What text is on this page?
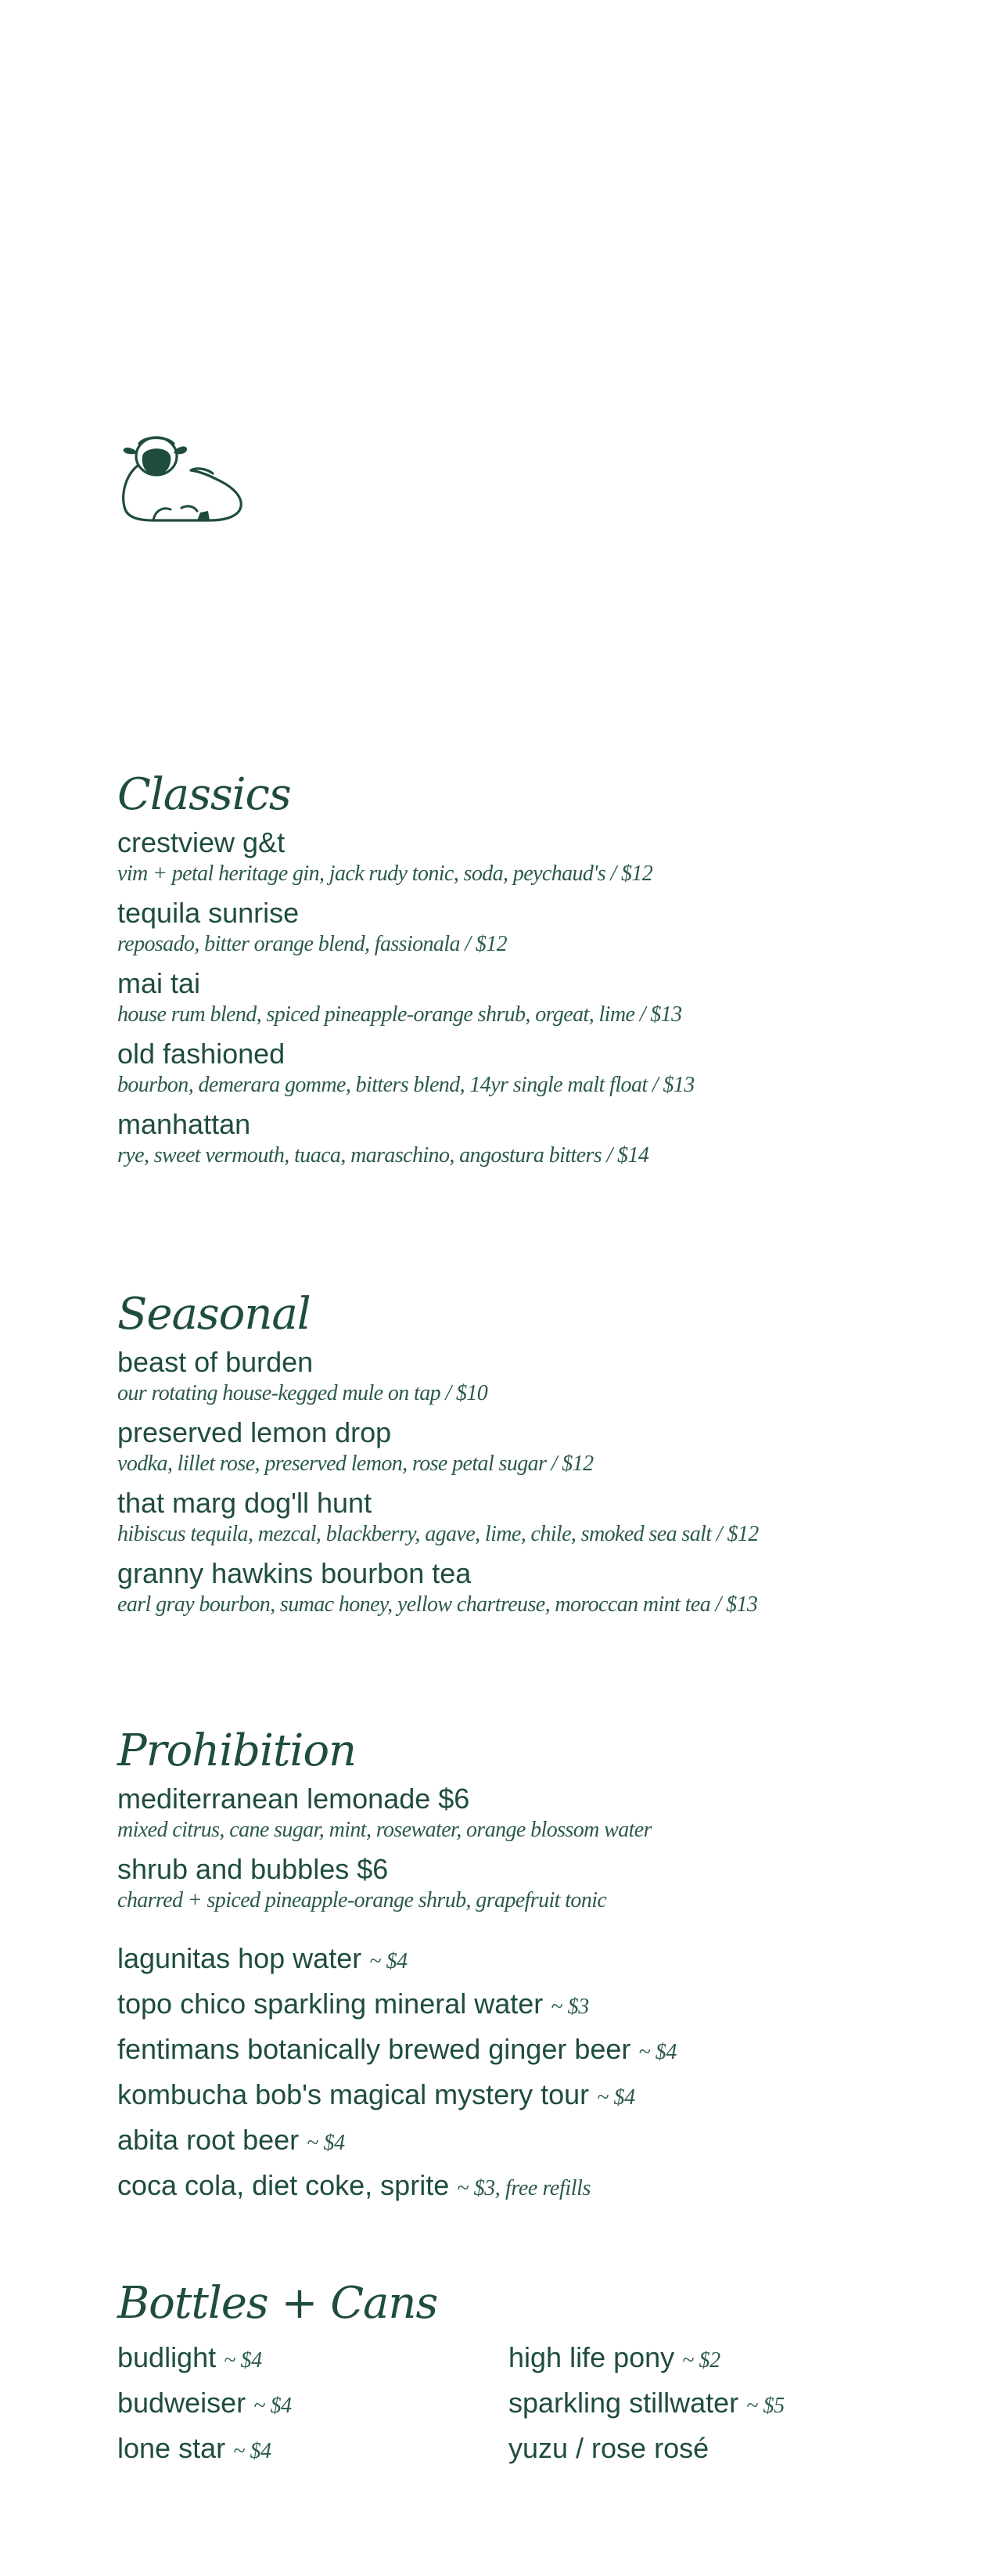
Classics
crestview g&t
vim + petal heritage gin, jack rudy tonic, soda, peychaud's / $12
tequila sunrise
reposado, bitter orange blend, fassionala / $12
mai tai
house rum blend, spiced pineapple-orange shrub, orgeat, lime / $13
old fashioned
bourbon, demerara gomme, bitters blend, 14yr single malt float / $13
manhattan
rye, sweet vermouth, tuaca, maraschino, angostura bitters / $14
Seasonal
beast of burden
our rotating house-kegged mule on tap / $10
preserved lemon drop
vodka, lillet rose, preserved lemon, rose petal sugar / $12
that marg dog'll hunt
hibiscus tequila, mezcal, blackberry, agave, lime, chile, smoked sea salt / $12
granny hawkins bourbon tea
earl gray bourbon, sumac honey, yellow chartreuse, moroccan mint tea / $13
Prohibition
mediterranean lemonade $6
mixed citrus, cane sugar, mint, rosewater, orange blossom water
shrub and bubbles $6
charred + spiced pineapple-orange shrub, grapefruit tonic
lagunitas hop water ~ $4
topo chico sparkling mineral water ~ $3
fentimans botanically brewed ginger beer ~ $4
kombucha bob's magical mystery tour ~ $4
abita root beer ~ $4
coca cola, diet coke, sprite ~ $3, free refills
Bottles + Cans
budlight ~ $4
budweiser ~ $4
lone star ~ $4
high life pony ~ $2
sparkling stillwater ~ $5
yuzu / rose rosé
